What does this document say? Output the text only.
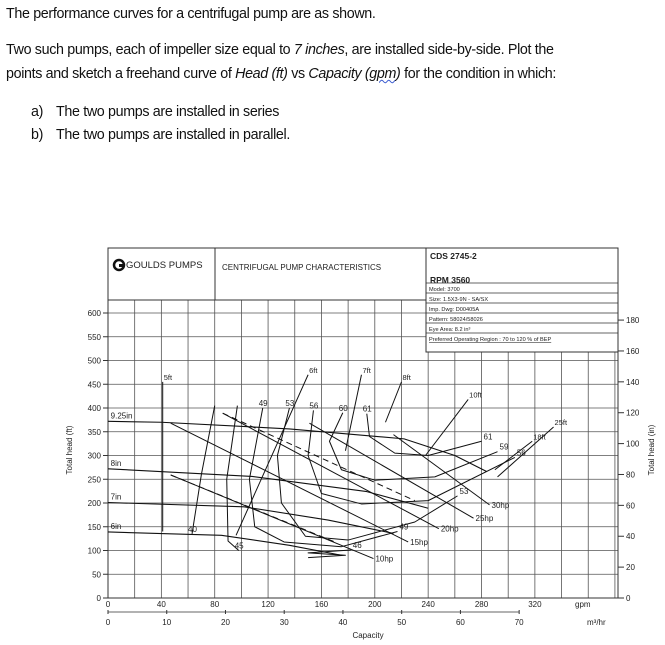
The performance curves for a centrifugal pump are as shown.
Two such pumps, each of impeller size equal to 7 inches, are installed side-by-side. Plot the
points and sketch a freehand curve of Head (ft) vs Capacity (gpm) for the condition in which:
a) The two pumps are installed in series
b) The two pumps are installed in parallel.
0
50
100
150
200
250
300
350
400
450
500
550
600
0
20
40
60
80
100
120
140
160
180
0	40	80	120	160	200	240	280	320
0	10	20	30	40	50	60	70
9.25in
8in
7in
6in	40
45
49
49
53
53
56
56
60
59
61
61
46
10hp
15hp
20hp
25hp
30hp
5ft
6ft	7ft
8ft
10ft
18ft
25ft
GOULDS PUMPS CENTRIFUGAL PUMP CHARACTERISTICS
CDS 2745-2
RPM 3560
Model: 3700
Size: 1.5X3-9N - SA/SX
Imp. Dwg: D00405A
Pattern: 58024/58026
Eye Area: 8.2 in³
Preferred Operating Region : 70 to 120 % of BEP
Total head (ft)	Total head (in)
Capacity
gpm
m³/hr
